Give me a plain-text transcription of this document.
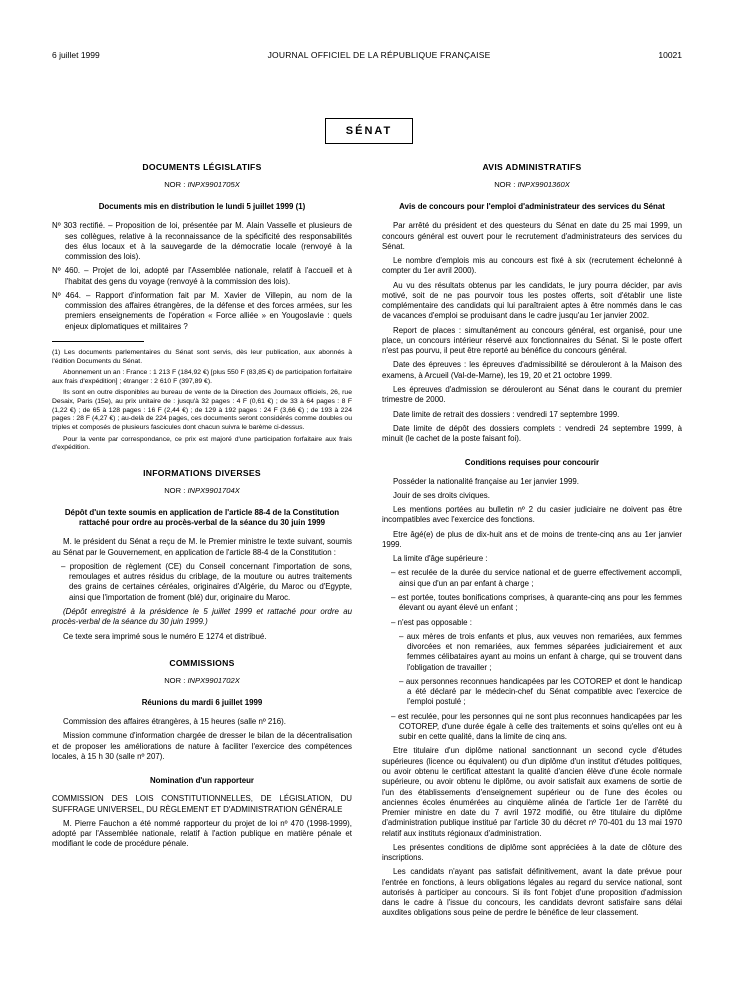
6 juillet 1999	JOURNAL OFFICIEL DE LA RÉPUBLIQUE FRANÇAISE	10021
SÉNAT
DOCUMENTS LÉGISLATIFS
NOR : INPX9901705X
Documents mis en distribution le lundi 5 juillet 1999 (1)

Nº 303 rectifié. – Proposition de loi, présentée par M. Alain Vasselle et plusieurs de ses collègues, relative à la reconnaissance de la spécificité des responsabilités des élus locaux et à la sauvegarde de la démocratie locale (renvoyé à la commission des lois).

Nº 460. – Projet de loi, adopté par l'Assemblée nationale, relatif à l'accueil et à l'habitat des gens du voyage (renvoyé à la commission des lois).

Nº 464. – Rapport d'information fait par M. Xavier de Villepin, au nom de la commission des affaires étrangères, de la défense et des forces armées, sur les premiers enseignements de l'opération « Force alliée » en Yougoslavie : quels enjeux diplomatiques et militaires ?

(1) Les documents parlementaires du Sénat sont servis, dès leur publication, aux abonnés à l'édition Documents du Sénat.

Abonnement un an : France : 1 213 F (184,92 €) [plus 550 F (83,85 €) de participation forfaitaire aux frais d'expédition] ; étranger : 2 610 F (397,89 €).

Ils sont en outre disponibles au bureau de vente de la Direction des Journaux officiels, 26, rue Desaix, Paris (15e), au prix unitaire de : jusqu'à 32 pages : 4 F (0,61 €) ; de 33 à 64 pages : 8 F (1,22 €) ; de 65 à 128 pages : 16 F (2,44 €) ; de 129 à 192 pages : 24 F (3,66 €) ; de 193 à 224 pages : 28 F (4,27 €) ; au-delà de 224 pages, ces documents seront considérés comme doubles ou triples et composés de plusieurs fascicules dont chacun suivra le barème ci-dessus.

Pour la vente par correspondance, ce prix est majoré d'une participation forfaitaire aux frais d'expédition.

INFORMATIONS DIVERSES
NOR : INPX9901704X
Dépôt d'un texte soumis en application de l'article 88-4 de la Constitution rattaché pour ordre au procès-verbal de la séance du 30 juin 1999

M. le président du Sénat a reçu de M. le Premier ministre le texte suivant, soumis au Sénat par le Gouvernement, en application de l'article 88-4 de la Constitution :

– proposition de règlement (CE) du Conseil concernant l'importation de sons, remoulages et autres résidus du criblage, de la mouture ou autres traitements des grains de certaines céréales, originaires d'Algérie, du Maroc ou d'Egypte, ainsi que l'importation de froment (blé) dur, originaire du Maroc.

(Dépôt enregistré à la présidence le 5 juillet 1999 et rattaché pour ordre au procès-verbal de la séance du 30 juin 1999.)

Ce texte sera imprimé sous le numéro E 1274 et distribué.

COMMISSIONS
NOR : INPX9901702X
Réunions du mardi 6 juillet 1999

Commission des affaires étrangères, à 15 heures (salle nº 216).

Mission commune d'information chargée de dresser le bilan de la décentralisation et de proposer les améliorations de nature à faciliter l'exercice des compétences locales, à 15 h 30 (salle nº 207).

Nomination d'un rapporteur

COMMISSION DES LOIS CONSTITUTIONNELLES, DE LÉGISLATION, DU SUFFRAGE UNIVERSEL, DU RÈGLEMENT ET D'ADMINISTRATION GÉNÉRALE

M. Pierre Fauchon a été nommé rapporteur du projet de loi nº 470 (1998-1999), adopté par l'Assemblée nationale, relatif à l'action publique en matière pénale et modifiant le code de procédure pénale.

AVIS ADMINISTRATIFS
NOR : INPX9901360X
Avis de concours pour l'emploi d'administrateur des services du Sénat

Par arrêté du président et des questeurs du Sénat en date du 25 mai 1999, un concours général est ouvert pour le recrutement d'administrateurs des services du Sénat.

Le nombre d'emplois mis au concours est fixé à six (recrutement échelonné à compter du 1er avril 2000).

Au vu des résultats obtenus par les candidats, le jury pourra décider, par avis motivé, soit de ne pas pourvoir tous les postes offerts, soit d'établir une liste complémentaire des candidats qui lui paraîtraient aptes à être nommés dans le cas de vacances d'emploi se produisant dans le cadre jusqu'au 1er janvier 2002.

Report de places : simultanément au concours général, est organisé, pour une place, un concours intérieur réservé aux fonctionnaires du Sénat. Si le poste offert n'est pas pourvu, il peut être reporté au bénéfice du concours général.

Date des épreuves : les épreuves d'admissibilité se dérouleront à la Maison des examens, à Arcueil (Val-de-Marne), les 19, 20 et 21 octobre 1999.

Les épreuves d'admission se dérouleront au Sénat dans le courant du premier trimestre de 2000.

Date limite de retrait des dossiers : vendredi 17 septembre 1999.

Date limite de dépôt des dossiers complets : vendredi 24 septembre 1999, à minuit (le cachet de la poste faisant foi).

Conditions requises pour concourir

Posséder la nationalité française au 1er janvier 1999.

Jouir de ses droits civiques.

Les mentions portées au bulletin nº 2 du casier judiciaire ne doivent pas être incompatibles avec l'exercice des fonctions.

Etre âgé(e) de plus de dix-huit ans et de moins de trente-cinq ans au 1er janvier 1999.

La limite d'âge supérieure :

– est reculée de la durée du service national et de guerre effectivement accompli, ainsi que d'un an par enfant à charge ;

– est portée, toutes bonifications comprises, à quarante-cinq ans pour les femmes élevant ou ayant élevé un enfant ;

– n'est pas opposable :

– aux mères de trois enfants et plus, aux veuves non remariées, aux femmes divorcées et non remariées, aux femmes séparées judiciairement et aux femmes célibataires ayant au moins un enfant à charge, qui se trouvent dans l'obligation de travailler ;

– aux personnes reconnues handicapées par les COTOREP et dont le handicap a été déclaré par le médecin-chef du Sénat compatible avec l'exercice de l'emploi postulé ;

– est reculée, pour les personnes qui ne sont plus reconnues handicapées par les COTOREP, d'une durée égale à celle des traitements et soins qu'elles ont eu à subir en cette qualité, dans la limite de cinq ans.

Etre titulaire d'un diplôme national sanctionnant un second cycle d'études supérieures (licence ou équivalent) ou d'un diplôme d'un institut d'études politiques, ou avoir obtenu le certificat attestant la qualité d'ancien élève d'une école normale supérieure, ou avoir obtenu le diplôme, ou avoir satisfait aux examens de sortie de l'un des établissements d'enseignement supérieur ou de l'une des écoles ou anciennes écoles énumérées au cinquième alinéa de l'article 1er de l'arrêté du Premier ministre en date du 7 avril 1972 modifié, ou être titulaire du diplôme d'administration publique institué par l'article 30 du décret nº 70-401 du 13 mai 1970 relatif aux instituts régionaux d'administration.

Les présentes conditions de diplôme sont appréciées à la date de clôture des inscriptions.

Les candidats n'ayant pas satisfait définitivement, avant la date prévue pour l'entrée en fonctions, à leurs obligations légales au regard du service national, sont autorisés à participer au concours. Si ils font l'objet d'une proposition d'admission dans le cadre à l'issue du concours, les candidats devront satisfaire sans délai auxdites obligations sous peine de perdre le bénéfice de leur classement.
